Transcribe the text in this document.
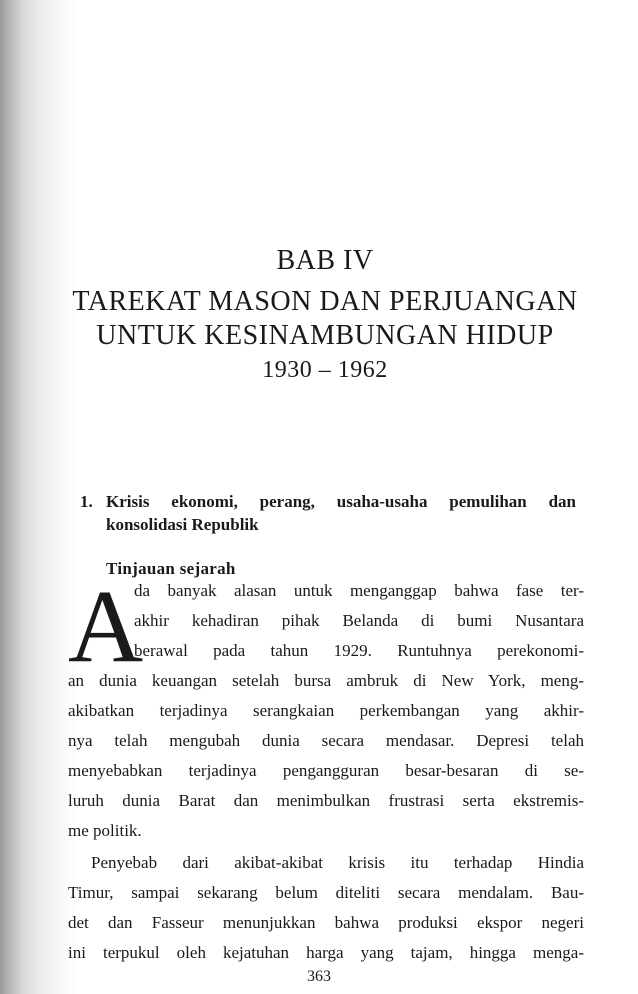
BAB IV
TAREKAT MASON DAN PERJUANGAN
UNTUK KESINAMBUNGAN HIDUP
1930 – 1962
1. Krisis ekonomi, perang, usaha-usaha pemulihan dan
konsolidasi Republik
Tinjauan sejarah
A
da banyak alasan untuk menganggap bahwa fase ter-
akhir kehadiran pihak Belanda di bumi Nusantara
berawal pada tahun 1929. Runtuhnya perekonomi-
an dunia keuangan setelah bursa ambruk di New York, meng-
akibatkan terjadinya serangkaian perkembangan yang akhir-
nya telah mengubah dunia secara mendasar. Depresi telah
menyebabkan terjadinya pengangguran besar-besaran di se-
luruh dunia Barat dan menimbulkan frustrasi serta ekstremis-
me politik.
Penyebab dari akibat-akibat krisis itu terhadap Hindia
Timur, sampai sekarang belum diteliti secara mendalam. Bau-
det dan Fasseur menunjukkan bahwa produksi ekspor negeri
ini terpukul oleh kejatuhan harga yang tajam, hingga menga-
363
